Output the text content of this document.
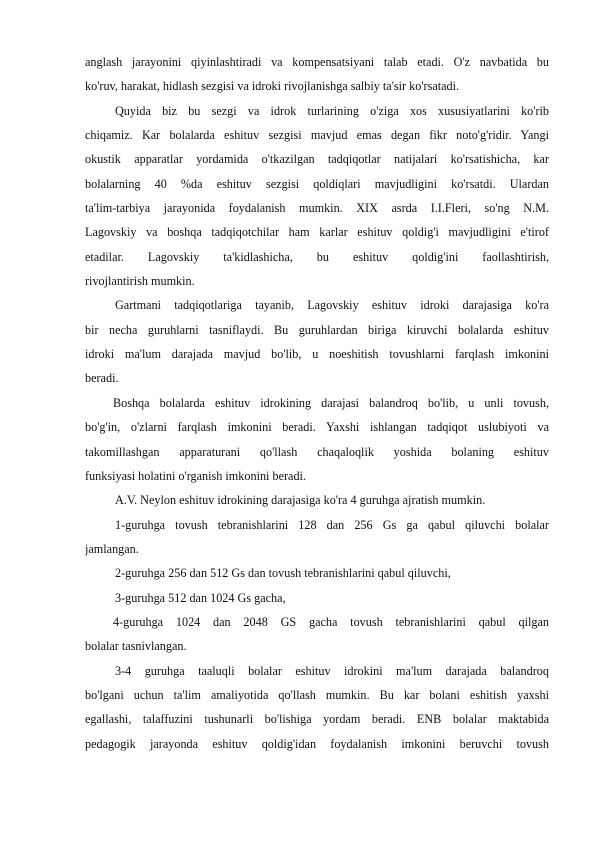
anglash jarayonini qiyinlashtiradi va kompensatsiyani talab etadi. O'z navbatida bu
ko'ruv, harakat, hidlash sezgisi va idroki rivojlanishga salbiy ta'sir ko'rsatadi.
Quyida biz bu sezgi va idrok turlarining o'ziga xos xususiyatlarini ko'rib
chiqamiz. Kar bolalarda eshituv sezgisi mavjud emas degan fikr noto'g'ridir. Yangi
okustik apparatlar yordamida o'tkazilgan tadqiqotlar natijalari ko'rsatishicha, kar
bolalarning 40 %da eshituv sezgisi qoldiqlari mavjudligini ko'rsatdi. Ulardan
ta'lim-tarbiya jarayonida foydalanish mumkin. XIX asrda I.I.Fleri, so'ng N.M.
Lagovskiy va boshqa tadqiqotchilar ham karlar eshituv qoldig'i mavjudligini e'tirof
etadilar. Lagovskiy ta'kidlashicha, bu eshituv qoldig'ini faollashtirish,
rivojlantirish mumkin.
Gartmani tadqiqotlariga tayanib, Lagovskiy eshituv idroki darajasiga ko'ra
bir necha guruhlarni tasniflaydi. Bu guruhlardan biriga kiruvchi bolalarda eshituv
idroki ma'lum darajada mavjud bo'lib, u noeshitish tovushlarni farqlash imkonini
beradi.
Boshqa bolalarda eshituv idrokining darajasi balandroq bo'lib, u unli tovush,
bo'g'in, o'zlarni farqlash imkonini beradi. Yaxshi ishlangan tadqiqot uslubiyoti va
takomillashgan apparaturani qo'llash chaqaloqlik yoshida bolaning eshituv
funksiyasi holatini o'rganish imkonini beradi.
A.V. Neylon eshituv idrokining darajasiga ko'ra 4 guruhga ajratish mumkin.
1-guruhga tovush tebranishlarini 128 dan 256 Gs ga qabul qiluvchi bolalar
jamlangan.
2-guruhga 256 dan 512 Gs dan tovush tebranishlarini qabul qiluvchi,
3-guruhga 512 dan 1024 Gs gacha,
4-guruhga 1024 dan 2048 GS gacha tovush tebranishlarini qabul qilgan
bolalar tasnivlangan.
3-4 guruhga taaluqli bolalar eshituv idrokini ma'lum darajada balandroq
bo'lgani uchun ta'lim amaliyotida qo'llash mumkin. Bu kar bolani eshitish yaxshi
egallashi, talaffuzini tushunarli bo'lishiga yordam beradi. ENB bolalar maktabida
pedagogik jarayonda eshituv qoldig'idan foydalanish imkonini beruvchi tovush
